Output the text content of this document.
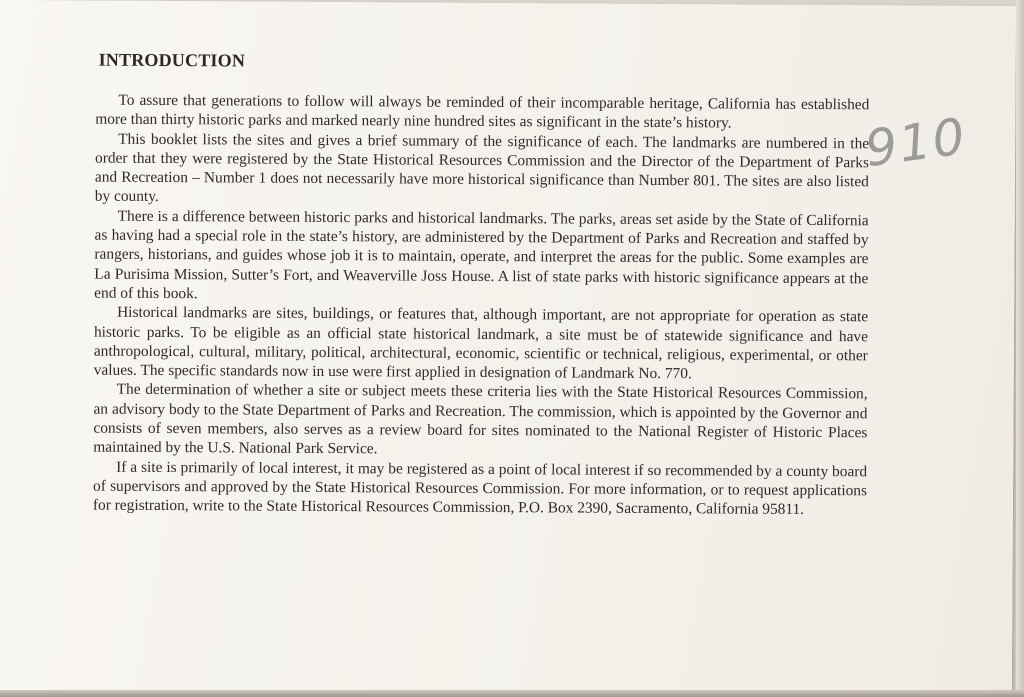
INTRODUCTION
910

To assure that generations to follow will always be reminded of their incomparable heritage, California has established more than thirty historic parks and marked nearly nine hundred sites as significant in the state’s history.

This booklet lists the sites and gives a brief summary of the significance of each. The landmarks are numbered in the order that they were registered by the State Historical Resources Commission and the Director of the Department of Parks and Recreation – Number 1 does not necessarily have more historical significance than Number 801. The sites are also listed by county.

There is a difference between historic parks and historical landmarks. The parks, areas set aside by the State of California as having had a special role in the state’s history, are administered by the Department of Parks and Recreation and staffed by rangers, historians, and guides whose job it is to maintain, operate, and interpret the areas for the public. Some examples are La Purisima Mission, Sutter’s Fort, and Weaverville Joss House. A list of state parks with historic significance appears at the end of this book.

Historical landmarks are sites, buildings, or features that, although important, are not appropriate for operation as state historic parks. To be eligible as an official state historical landmark, a site must be of statewide significance and have anthropological, cultural, military, political, architectural, economic, scientific or technical, religious, experimental, or other values. The specific standards now in use were first applied in designation of Landmark No. 770.

The determination of whether a site or subject meets these criteria lies with the State Historical Resources Commission, an advisory body to the State Department of Parks and Recreation. The commission, which is appointed by the Governor and consists of seven members, also serves as a review board for sites nominated to the National Register of Historic Places maintained by the U.S. National Park Service.

If a site is primarily of local interest, it may be registered as a point of local interest if so recommended by a county board of supervisors and approved by the State Historical Resources Commission. For more information, or to request applications for registration, write to the State Historical Resources Commission, P.O. Box 2390, Sacramento, California 95811.
